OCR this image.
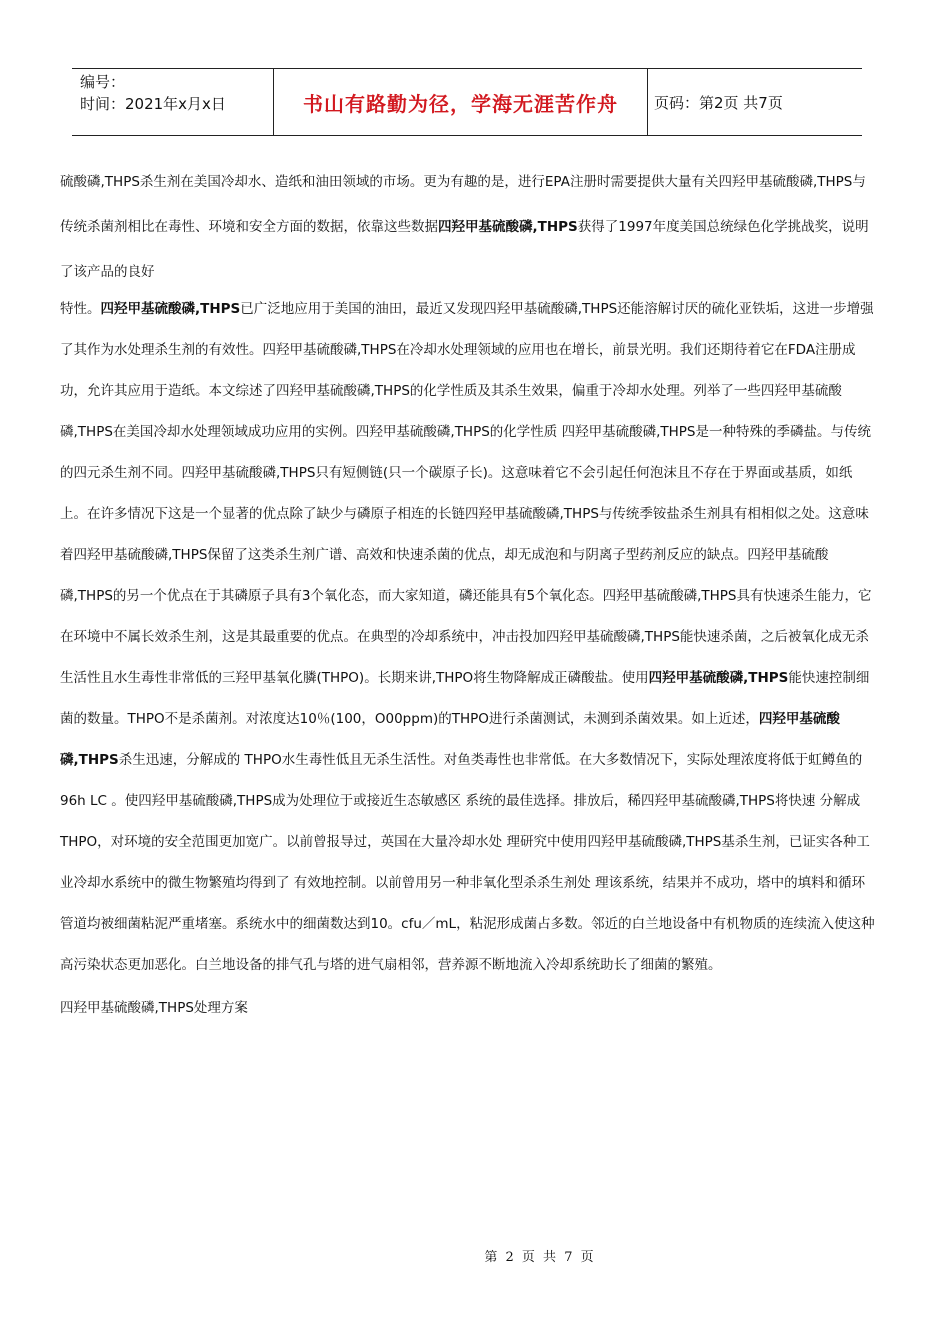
编号：
时间：2021年x月x日	书山有路勤为径，学海无涯苦作舟	页码：第2页 共7页

硫酸磷,THPS杀生剂在美国冷却水、造纸和油田领域的市场。更为有趣的是，进行EPA注册时需要提供大量有关四羟甲基硫酸磷,THPS与传统杀菌剂相比在毒性、环境和安全方面的数据，依靠这些数据四羟甲基硫酸磷,THPS获得了1997年度美国总统绿色化学挑战奖，说明了该产品的良好

特性。四羟甲基硫酸磷,THPS已广泛地应用于美国的油田，最近又发现四羟甲基硫酸磷,THPS还能溶解讨厌的硫化亚铁垢，这进一步增强了其作为水处理杀生剂的有效性。四羟甲基硫酸磷,THPS在冷却水处理领域的应用也在增长，前景光明。我们还期待着它在FDA注册成功，允许其应用于造纸。本文综述了四羟甲基硫酸磷,THPS的化学性质及其杀生效果，偏重于冷却水处理。列举了一些四羟甲基硫酸磷,THPS在美国冷却水处理领域成功应用的实例。四羟甲基硫酸磷,THPS的化学性质 四羟甲基硫酸磷,THPS是一种特殊的季磷盐。与传统的四元杀生剂不同。四羟甲基硫酸磷,THPS只有短侧链(只一个碳原子长)。这意味着它不会引起任何泡沫且不存在于界面或基质，如纸上。在许多情况下这是一个显著的优点除了缺少与磷原子相连的长链四羟甲基硫酸磷,THPS与传统季铵盐杀生剂具有相相似之处。这意味着四羟甲基硫酸磷,THPS保留了这类杀生剂广谱、高效和快速杀菌的优点，却无成泡和与阴离子型药剂反应的缺点。四羟甲基硫酸磷,THPS的另一个优点在于其磷原子具有3个氧化态，而大家知道，磷还能具有5个氧化态。四羟甲基硫酸磷,THPS具有快速杀生能力，它在环境中不属长效杀生剂，这是其最重要的优点。在典型的冷却系统中，冲击投加四羟甲基硫酸磷,THPS能快速杀菌，之后被氧化成无杀生活性且水生毒性非常低的三羟甲基氧化膦(THPO)。长期来讲,THPO将生物降解成正磷酸盐。使用四羟甲基硫酸磷,THPS能快速控制细菌的数量。THPO不是杀菌剂。对浓度达10％(100，O00ppm)的THPO进行杀菌测试，未测到杀菌效果。如上近述，四羟甲基硫酸磷,THPS杀生迅速，分解成的 THPO水生毒性低且无杀生活性。对鱼类毒性也非常低。在大多数情况下，实际处理浓度将低于虹鳟鱼的96h LC 。使四羟甲基硫酸磷,THPS成为处理位于或接近生态敏感区 系统的最佳选择。排放后，稀四羟甲基硫酸磷,THPS将快速 分解成THPO，对环境的安全范围更加宽广。以前曾报导过，英国在大量冷却水处 理研究中使用四羟甲基硫酸磷,THPS基杀生剂，已证实各种工业冷却水系统中的微生物繁殖均得到了 有效地控制。以前曾用另一种非氧化型杀杀生剂处 理该系统，结果并不成功，塔中的填料和循环管道均被细菌粘泥严重堵塞。系统水中的细菌数达到10。cfu／mL，粘泥形成菌占多数。邻近的白兰地设备中有机物质的连续流入使这种高污染状态更加恶化。白兰地设备的排气孔与塔的进气扇相邻，营养源不断地流入冷却系统助长了细菌的繁殖。

四羟甲基硫酸磷,THPS处理方案

第 2 页 共 7 页
